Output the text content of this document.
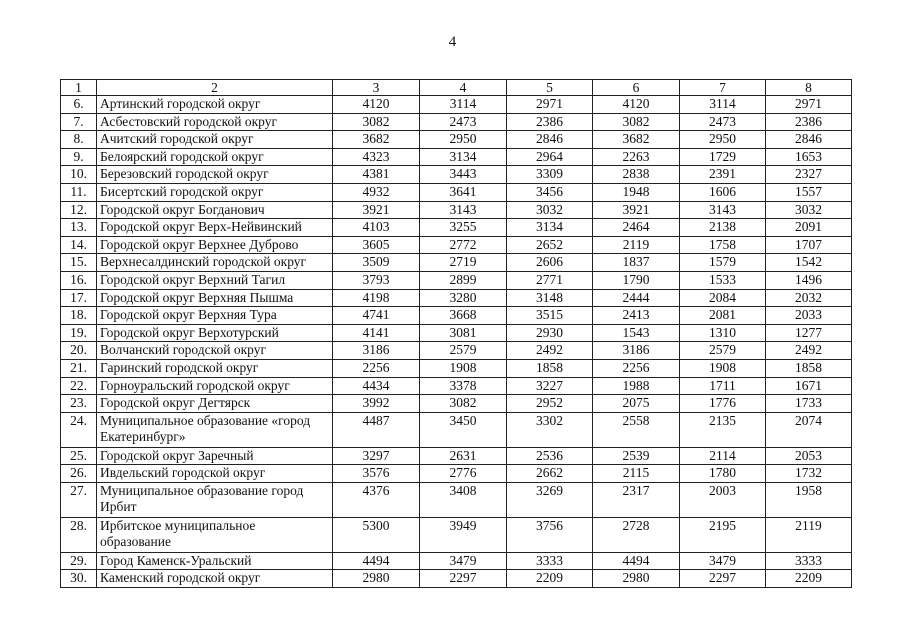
4
1	2	3	4	5	6	7	8
6.	Артинский городской округ	4120	3114	2971	4120	3114	2971
7.	Асбестовский городской округ	3082	2473	2386	3082	2473	2386
8.	Ачитский городской округ	3682	2950	2846	3682	2950	2846
9.	Белоярский городской округ	4323	3134	2964	2263	1729	1653
10.	Березовский городской округ	4381	3443	3309	2838	2391	2327
11.	Бисертский городской округ	4932	3641	3456	1948	1606	1557
12.	Городской округ Богданович	3921	3143	3032	3921	3143	3032
13.	Городской округ Верх-Нейвинский	4103	3255	3134	2464	2138	2091
14.	Городской округ Верхнее Дуброво	3605	2772	2652	2119	1758	1707
15.	Верхнесалдинский городской округ	3509	2719	2606	1837	1579	1542
16.	Городской округ Верхний Тагил	3793	2899	2771	1790	1533	1496
17.	Городской округ Верхняя Пышма	4198	3280	3148	2444	2084	2032
18.	Городской округ Верхняя Тура	4741	3668	3515	2413	2081	2033
19.	Городской округ Верхотурский	4141	3081	2930	1543	1310	1277
20.	Волчанский городской округ	3186	2579	2492	3186	2579	2492
21.	Гаринский городской округ	2256	1908	1858	2256	1908	1858
22.	Горноуральский городской округ	4434	3378	3227	1988	1711	1671
23.	Городской округ Дегтярск	3992	3082	2952	2075	1776	1733
24.	Муниципальное образование «город Екатеринбург»	4487	3450	3302	2558	2135	2074
25.	Городской округ Заречный	3297	2631	2536	2539	2114	2053
26.	Ивдельский городской округ	3576	2776	2662	2115	1780	1732
27.	Муниципальное образование город Ирбит	4376	3408	3269	2317	2003	1958
28.	Ирбитское муниципальное образование	5300	3949	3756	2728	2195	2119
29.	Город Каменск-Уральский	4494	3479	3333	4494	3479	3333
30.	Каменский городской округ	2980	2297	2209	2980	2297	2209
